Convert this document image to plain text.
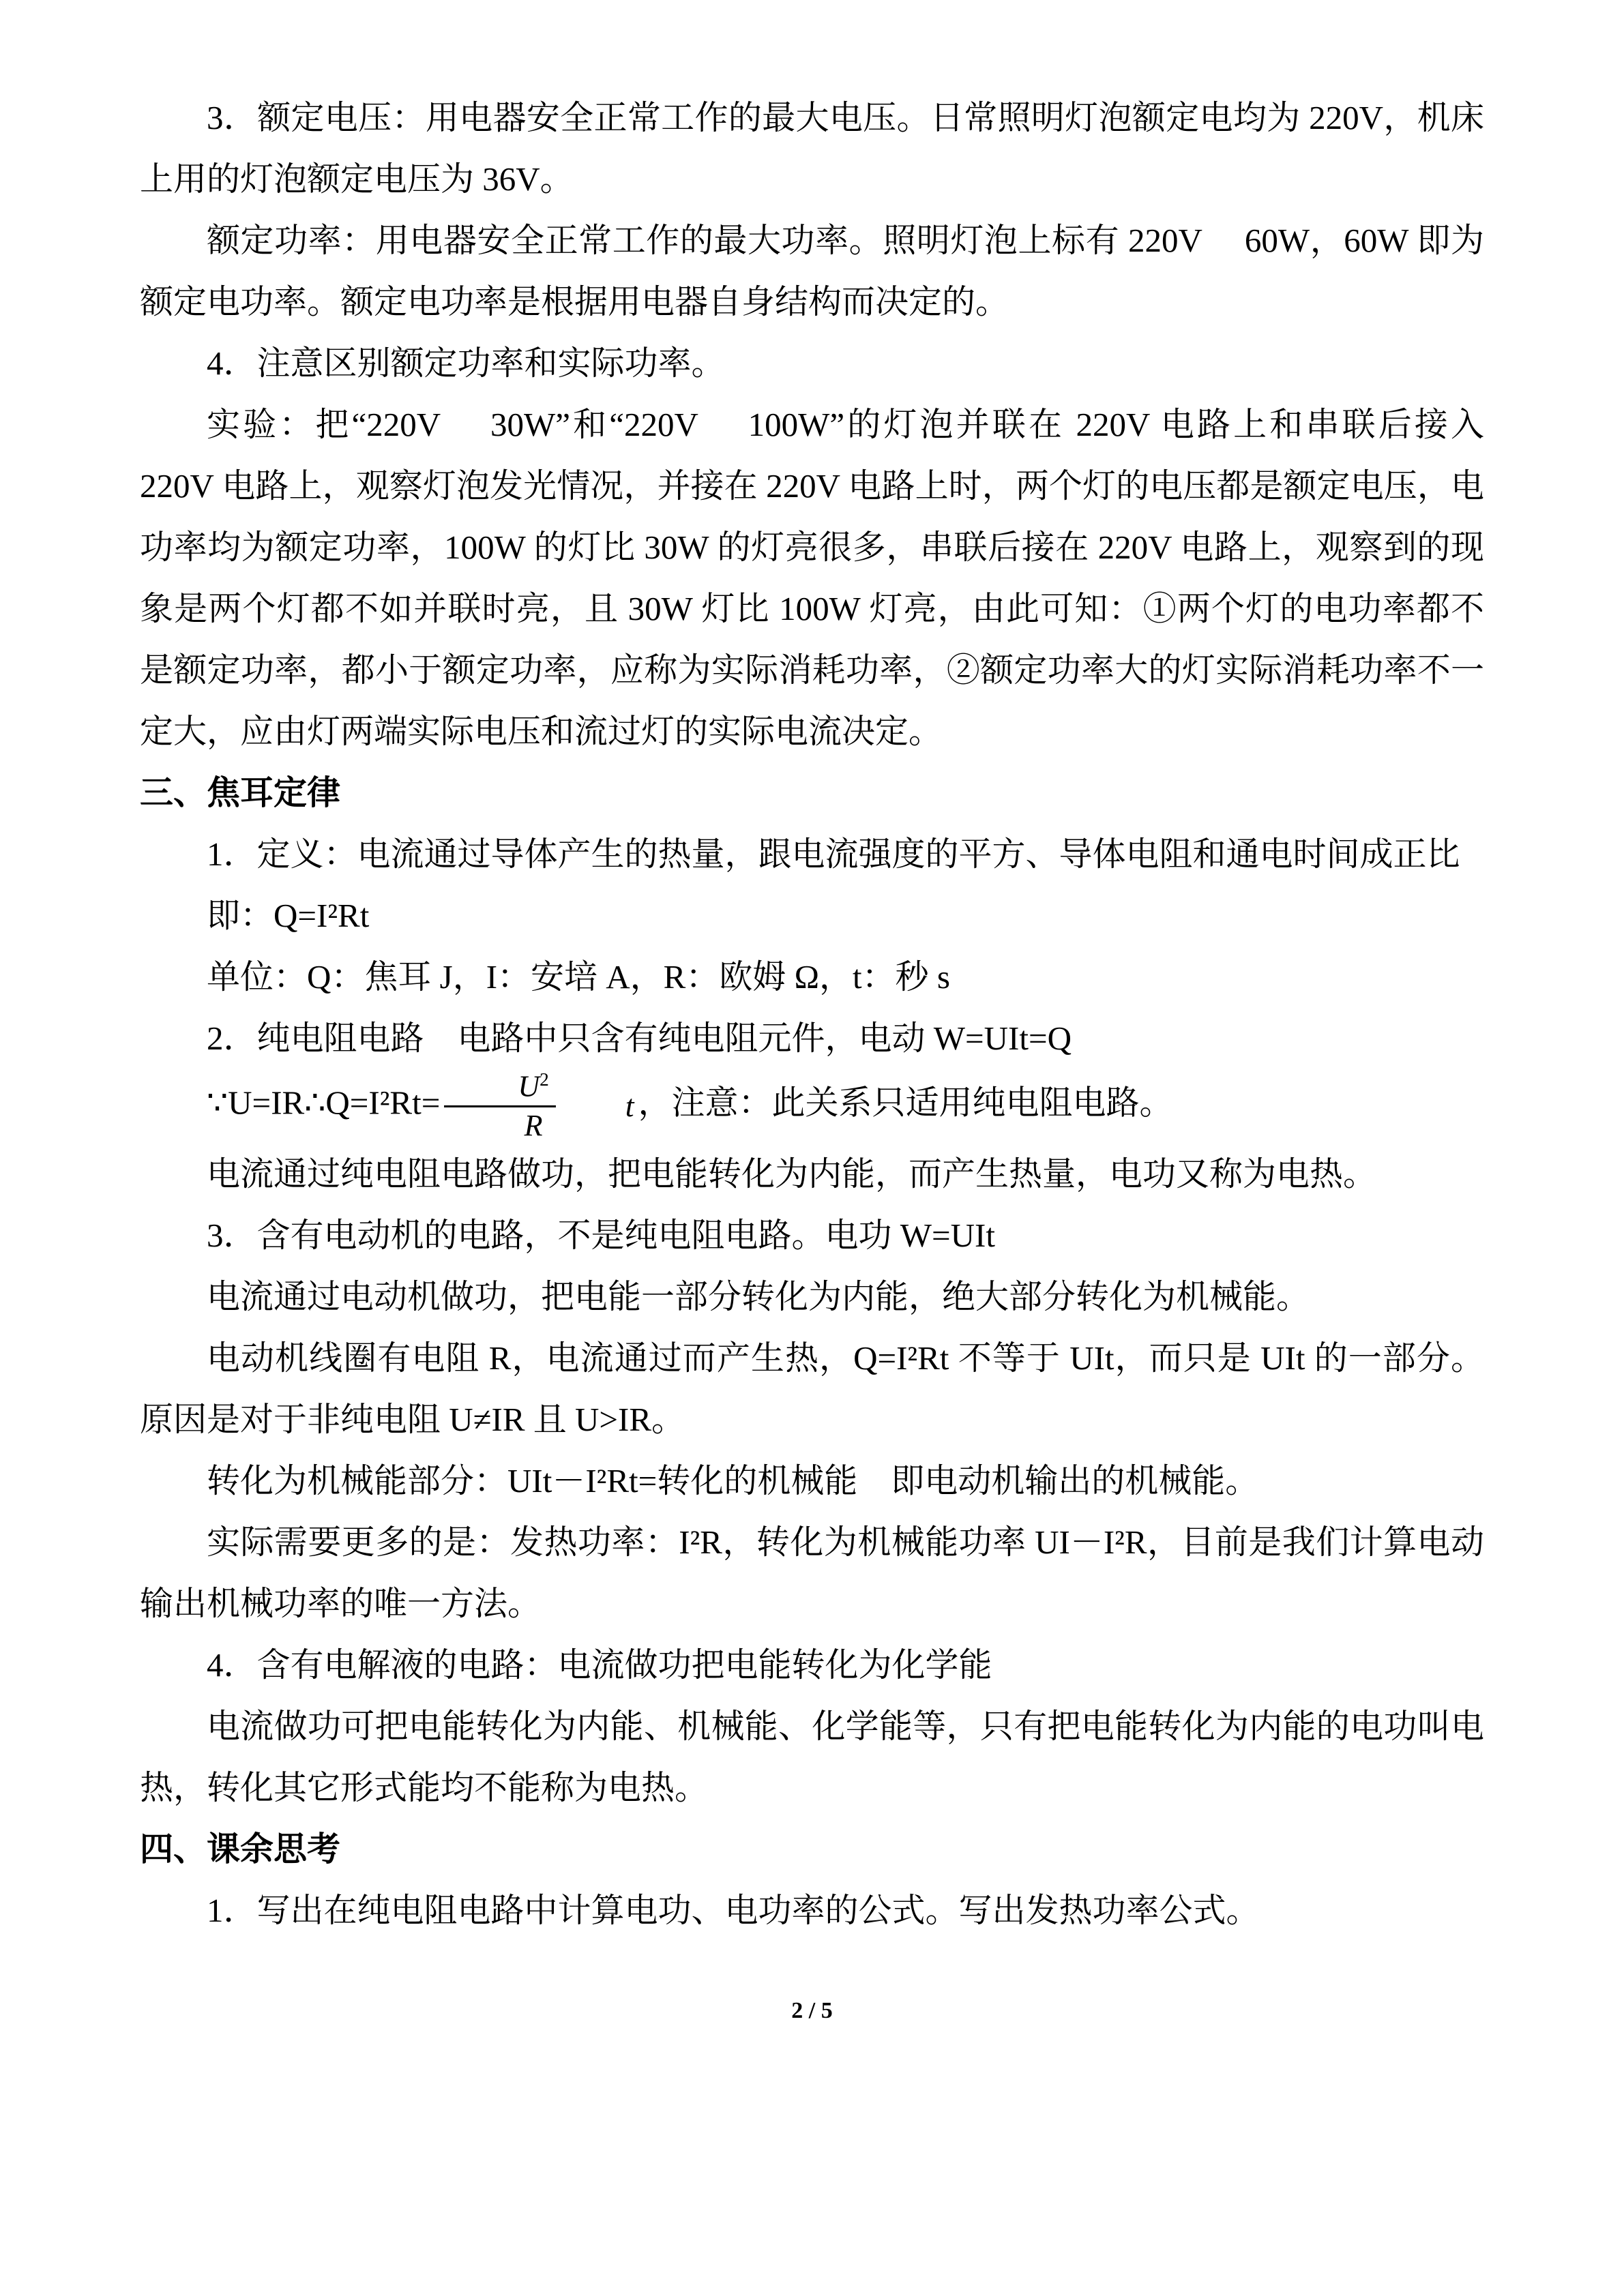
3．额定电压：用电器安全正常工作的最大电压。日常照明灯泡额定电均为 220V，机床上用的灯泡额定电压为 36V。

额定功率：用电器安全正常工作的最大功率。照明灯泡上标有 220V　 60W，60W 即为额定电功率。额定电功率是根据用电器自身结构而决定的。

4．注意区别额定功率和实际功率。

实验：把“220V　 30W”和“220V　 100W”的灯泡并联在 220V 电路上和串联后接入 220V 电路上，观察灯泡发光情况，并接在 220V 电路上时，两个灯的电压都是额定电压，电功率均为额定功率，100W 的灯比 30W 的灯亮很多，串联后接在 220V 电路上，观察到的现象是两个灯都不如并联时亮，且 30W 灯比 100W 灯亮，由此可知：①两个灯的电功率都不是额定功率，都小于额定功率，应称为实际消耗功率，②额定功率大的灯实际消耗功率不一定大，应由灯两端实际电压和流过灯的实际电流决定。

三、焦耳定律

1．定义：电流通过导体产生的热量，跟电流强度的平方、导体电阻和通电时间成正比

即：Q=I²Rt

单位：Q：焦耳 J，I：安培 A，R：欧姆 Ω，t：秒 s

2．纯电阻电路　电路中只含有纯电阻元件，电动 W=UIt=Q

∵U=IR∴Q=I²Rt= $\frac{U^2}{R}$	t ，注意：此关系只适用纯电阻电路。

电流通过纯电阻电路做功，把电能转化为内能，而产生热量，电功又称为电热。

3．含有电动机的电路，不是纯电阻电路。电功 W=UIt

电流通过电动机做功，把电能一部分转化为内能，绝大部分转化为机械能。

电动机线圈有电阻 R，电流通过而产生热，Q=I²Rt 不等于 UIt，而只是 UIt 的一部分。原因是对于非纯电阻 U≠IR 且 U>IR。

转化为机械能部分：UIt－I²Rt=转化的机械能　即电动机输出的机械能。

实际需要更多的是：发热功率：I²R，转化为机械能功率 UI－I²R，目前是我们计算电动输出机械功率的唯一方法。

4．含有电解液的电路：电流做功把电能转化为化学能

电流做功可把电能转化为内能、机械能、化学能等，只有把电能转化为内能的电功叫电热，转化其它形式能均不能称为电热。

四、课余思考

1．写出在纯电阻电路中计算电功、电功率的公式。写出发热功率公式。

2 / 5
